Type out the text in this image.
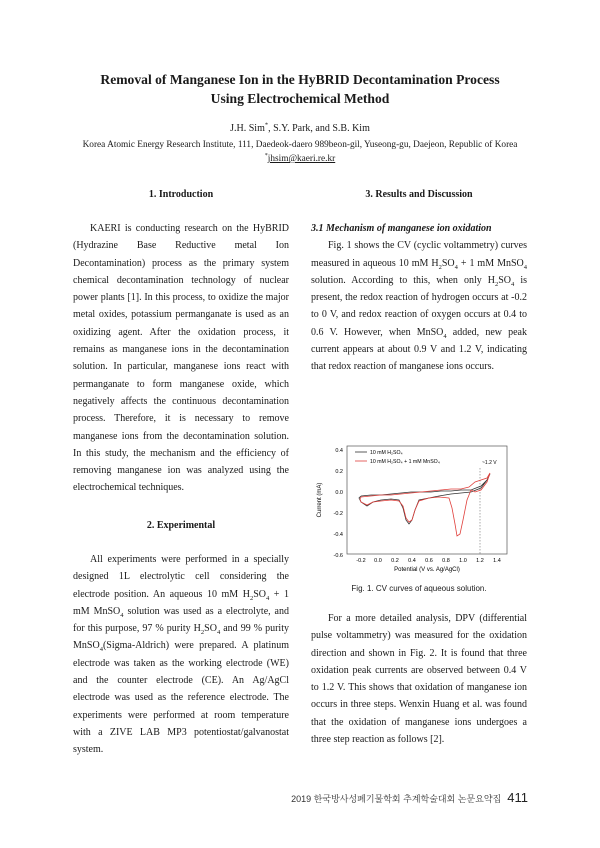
Removal of Manganese Ion in the HyBRID Decontamination Process
Using Electrochemical Method
J.H. Sim*, S.Y. Park, and S.B. Kim
Korea Atomic Energy Research Institute, 111, Daedeok-daero 989beon-gil, Yuseong-gu, Daejeon, Republic of Korea
*jhsim@kaeri.re.kr
1. Introduction	3. Results and Discussion
2. Experimental

KAERI is conducting research on the HyBRID (Hydrazine Base Reductive metal Ion Decontamination) process as the primary system chemical decontamination technology of nuclear power plants [1]. In this process, to oxidize the major metal oxides, potassium permanganate is used as an oxidizing agent. After the oxidation process, it remains as manganese ions in the decontamination solution. In particular, manganese ions react with permanganate to form manganese oxide, which negatively affects the continuous decontamination process. Therefore, it is necessary to remove manganese ions from the decontamination solution. In this study, the mechanism and the efficiency of removing manganese ion was analyzed using the electrochemical techniques.

All experiments were performed in a specially designed 1L electrolytic cell considering the electrode position. An aqueous 10 mM $H_2SO_4 + 1$ mM MnSO$_4$ solution was used as a electrolyte, and for this purpose, 97 % purity $H_2SO_4$ and 99 % purity MnSO$_4$(Sigma-Aldrich) were prepared. A platinum electrode was taken as the working electrode (WE) and the counter electrode (CE). An Ag/AgCl electrode was used as the reference electrode. The experiments were performed at room temperature with a ZIVE LAB MP3 potentiostat/galvanostat system.

3.1 Mechanism of manganese ion oxidation

Fig. 1 shows the CV (cyclic voltammetry) curves measured in aqueous 10 mM $H_2SO_4 + 1$ mM MnSO$_4$ solution. According to this, when only $H_2SO_4$ is present, the redox reaction of hydrogen occurs at -0.2 to 0 V, and redox reaction of oxygen occurs at 0.4 to 0.6 V. However, when MnSO$_4$ added, new peak current appears at about 0.9 V and 1.2 V, indicating that redox reaction of manganese ions occurs.

0.4
0.2
0.0
-0.2
-0.4
-0.6
-0.2 0.0 0.2 0.4 0.6 0.8 1.0 1.2 1.4
Potential (V vs. Ag/AgCl)
Current (mA)
10 mM H₂SO₄
10 mM H₂SO₄ + 1 mM MnSO₄	~1.2 V
Fig. 1. CV curves of aqueous solution.

For a more detailed analysis, DPV (differential pulse voltammetry) was measured for the oxidation direction and shown in Fig. 2. It is found that three oxidation peak currents are observed between 0.4 V to 1.2 V. This shows that oxidation of manganese ion occurs in three steps. Wenxin Huang et al. was found that the oxidation of manganese ions undergoes a three step reaction as follows [2].

2019 한국방사성폐기물학회 추계학술대회 논문요약집 411
